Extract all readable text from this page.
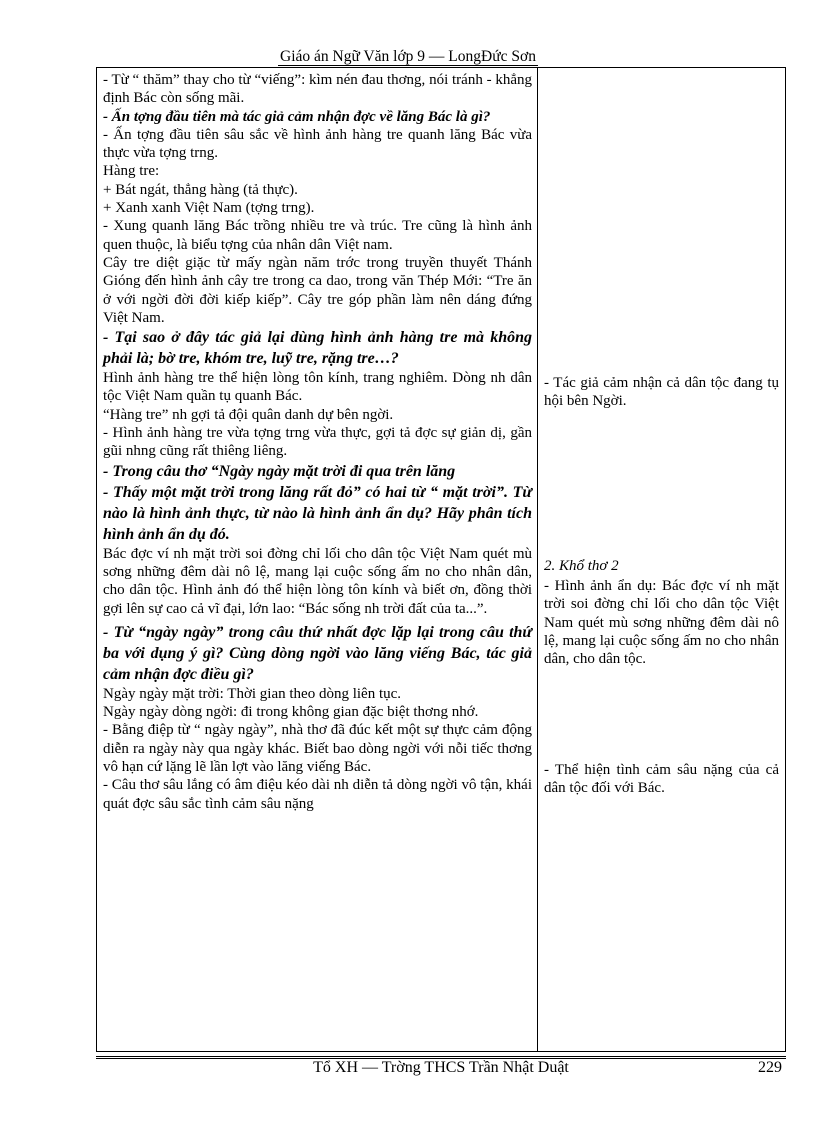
Giáo án Ngữ Văn lớp 9 — LongĐức Sơn

- Từ “ thăm” thay cho từ “viếng”: kìm nén đau thơng, nói tránh - khẳng định Bác còn sống mãi.

- Ấn tợng đầu tiên mà tác giả cảm nhận đợc về lăng Bác là gì?

- Ấn tợng đầu tiên sâu sắc về hình ảnh hàng tre quanh lăng Bác vừa thực vừa tợng trng.

Hàng tre:

+ Bát ngát, thẳng hàng (tả thực).

+ Xanh xanh Việt Nam (tợng trng).

- Xung quanh lăng Bác trồng nhiều tre và trúc. Tre cũng là hình ảnh quen thuộc, là biểu tợng của nhân dân Việt nam.

Cây tre diệt giặc từ mấy ngàn năm trớc trong truyền thuyết Thánh Gióng đến hình ảnh cây tre trong ca dao, trong văn Thép Mới: “Tre ăn ở với ngời đời đời kiếp kiếp”. Cây tre góp phần làm nên dáng đứng Việt Nam.

- Tại sao ở đây tác giả lại dùng hình ảnh hàng tre mà không phải là; bờ tre, khóm tre, luỹ tre, rặng tre…?

Hình ảnh hàng tre thể hiện lòng tôn kính, trang nghiêm. Dòng nh dân tộc Việt Nam quần tụ quanh Bác.

“Hàng tre” nh gợi tả đội quân danh dự bên ngời.

- Hình ảnh hàng tre vừa tợng trng vừa thực, gợi tả đợc sự giản dị, gần gũi nhng cũng rất thiêng liêng.

- Trong câu thơ “Ngày ngày mặt trời đi qua trên lăng

- Thấy một mặt trời trong lăng rất đỏ” có hai từ “ mặt trời”. Từ nào là hình ảnh thực, từ nào là hình ảnh ẩn dụ? Hãy phân tích hình ảnh ẩn dụ đó.

Bác đợc ví nh mặt trời soi đờng chỉ lối cho dân tộc Việt Nam quét mù sơng những đêm dài nô lệ, mang lại cuộc sống ấm no cho nhân dân, cho dân tộc. Hình ảnh đó thể hiện lòng tôn kính và biết ơn, đồng thời gợi lên sự cao cả vĩ đại, lớn lao: “Bác sống nh trời đất của ta...”.

- Từ “ngày ngày” trong câu thứ nhất đợc lặp lại trong câu thứ ba với dụng ý gì? Cùng dòng ngời vào lăng viếng Bác, tác giả cảm nhận đợc điều gì?

Ngày ngày mặt trời: Thời gian theo dòng liên tục.

Ngày ngày dòng ngời: đi trong không gian đặc biệt thơng nhớ.

- Bằng điệp từ “ ngày ngày”, nhà thơ đã đúc kết một sự thực cảm động diễn ra ngày này qua ngày khác. Biết bao dòng ngời với nỗi tiếc thơng vô hạn cứ lặng lẽ lần lợt vào lăng viếng Bác.

- Câu thơ sâu lắng có âm điệu kéo dài nh diễn tả dòng ngời vô tận, khái quát đợc sâu sắc tình cảm sâu nặng

- Tác giả cảm nhận cả dân tộc đang tụ hội bên Ngời.

2. Khổ thơ 2

- Hình ảnh ẩn dụ: Bác đợc ví nh mặt trời soi đờng chỉ lối cho dân tộc Việt Nam quét mù sơng những đêm dài nô lệ, mang lại cuộc sống ấm no cho nhân dân, cho dân tộc.

- Thể hiện tình cảm sâu nặng của cả dân tộc đối với Bác.

Tổ XH — Trờng THCS Trần Nhật Duật	229
